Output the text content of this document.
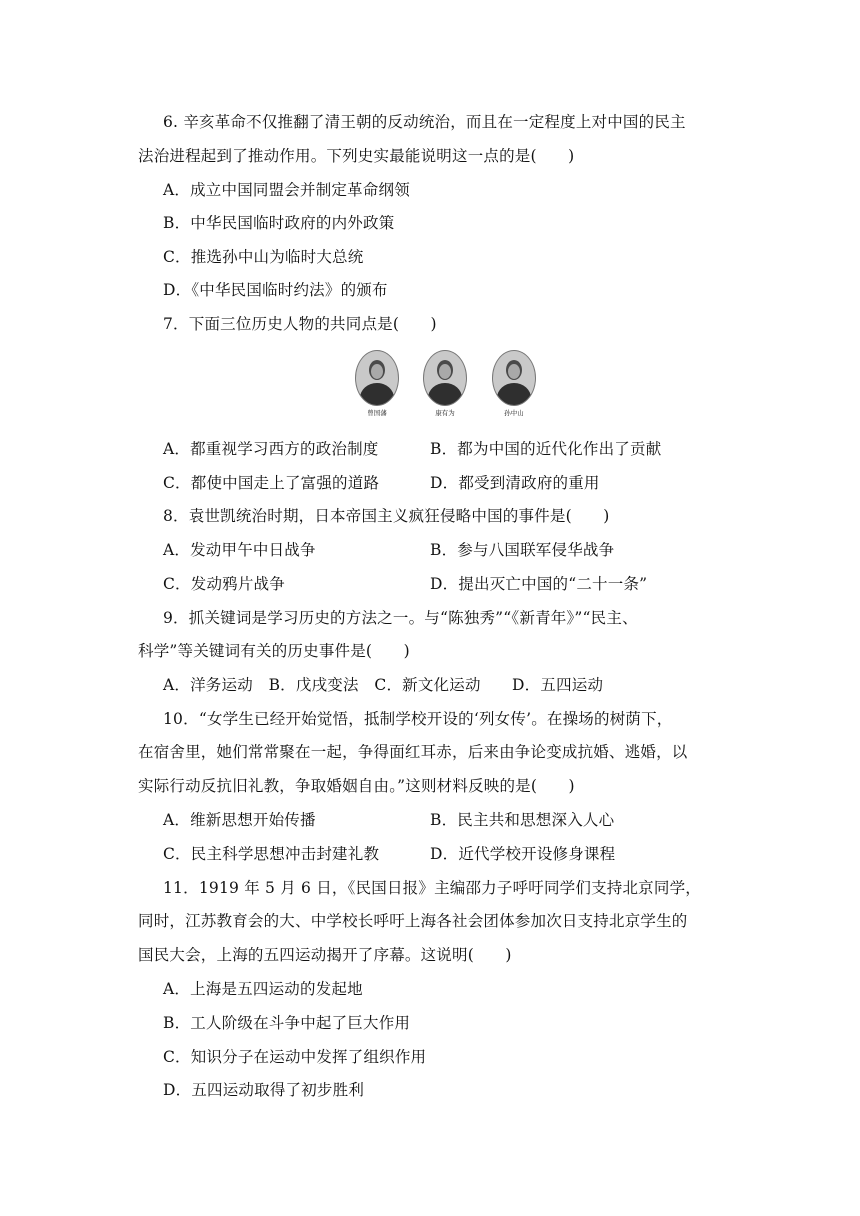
6. 辛亥革命不仅推翻了清王朝的反动统治，而且在一定程度上对中国的民主
法治进程起到了推动作用。下列史实最能说明这一点的是(　　)
A．成立中国同盟会并制定革命纲领
B．中华民国临时政府的内外政策
C．推选孙中山为临时大总统
D．《中华民国临时约法》的颁布
7．下面三位历史人物的共同点是(　　)
曾国藩	康有为	孙中山
A．都重视学习西方的政治制度	B．都为中国的近代化作出了贡献
C．都使中国走上了富强的道路	D．都受到清政府的重用
8．袁世凯统治时期，日本帝国主义疯狂侵略中国的事件是(　　)
A．发动甲午中日战争	B．参与八国联军侵华战争
C．发动鸦片战争	D．提出灭亡中国的“二十一条”
9．抓关键词是学习历史的方法之一。与“陈独秀”“《新青年》”“民主、
科学”等关键词有关的历史事件是(　　)
A．洋务运动　B．戊戌变法　C．新文化运动　　D．五四运动
10．“女学生已经开始觉悟，抵制学校开设的‘列女传’。在操场的树荫下，
在宿舍里，她们常常聚在一起，争得面红耳赤，后来由争论变成抗婚、逃婚，以
实际行动反抗旧礼教，争取婚姻自由。”这则材料反映的是(　　)
A．维新思想开始传播	B．民主共和思想深入人心
C．民主科学思想冲击封建礼教	D．近代学校开设修身课程
11．1919 年 5 月 6 日，《民国日报》主编邵力子呼吁同学们支持北京同学，
同时，江苏教育会的大、中学校长呼吁上海各社会团体参加次日支持北京学生的
国民大会，上海的五四运动揭开了序幕。这说明(　　)
A．上海是五四运动的发起地
B．工人阶级在斗争中起了巨大作用
C．知识分子在运动中发挥了组织作用
D．五四运动取得了初步胜利
